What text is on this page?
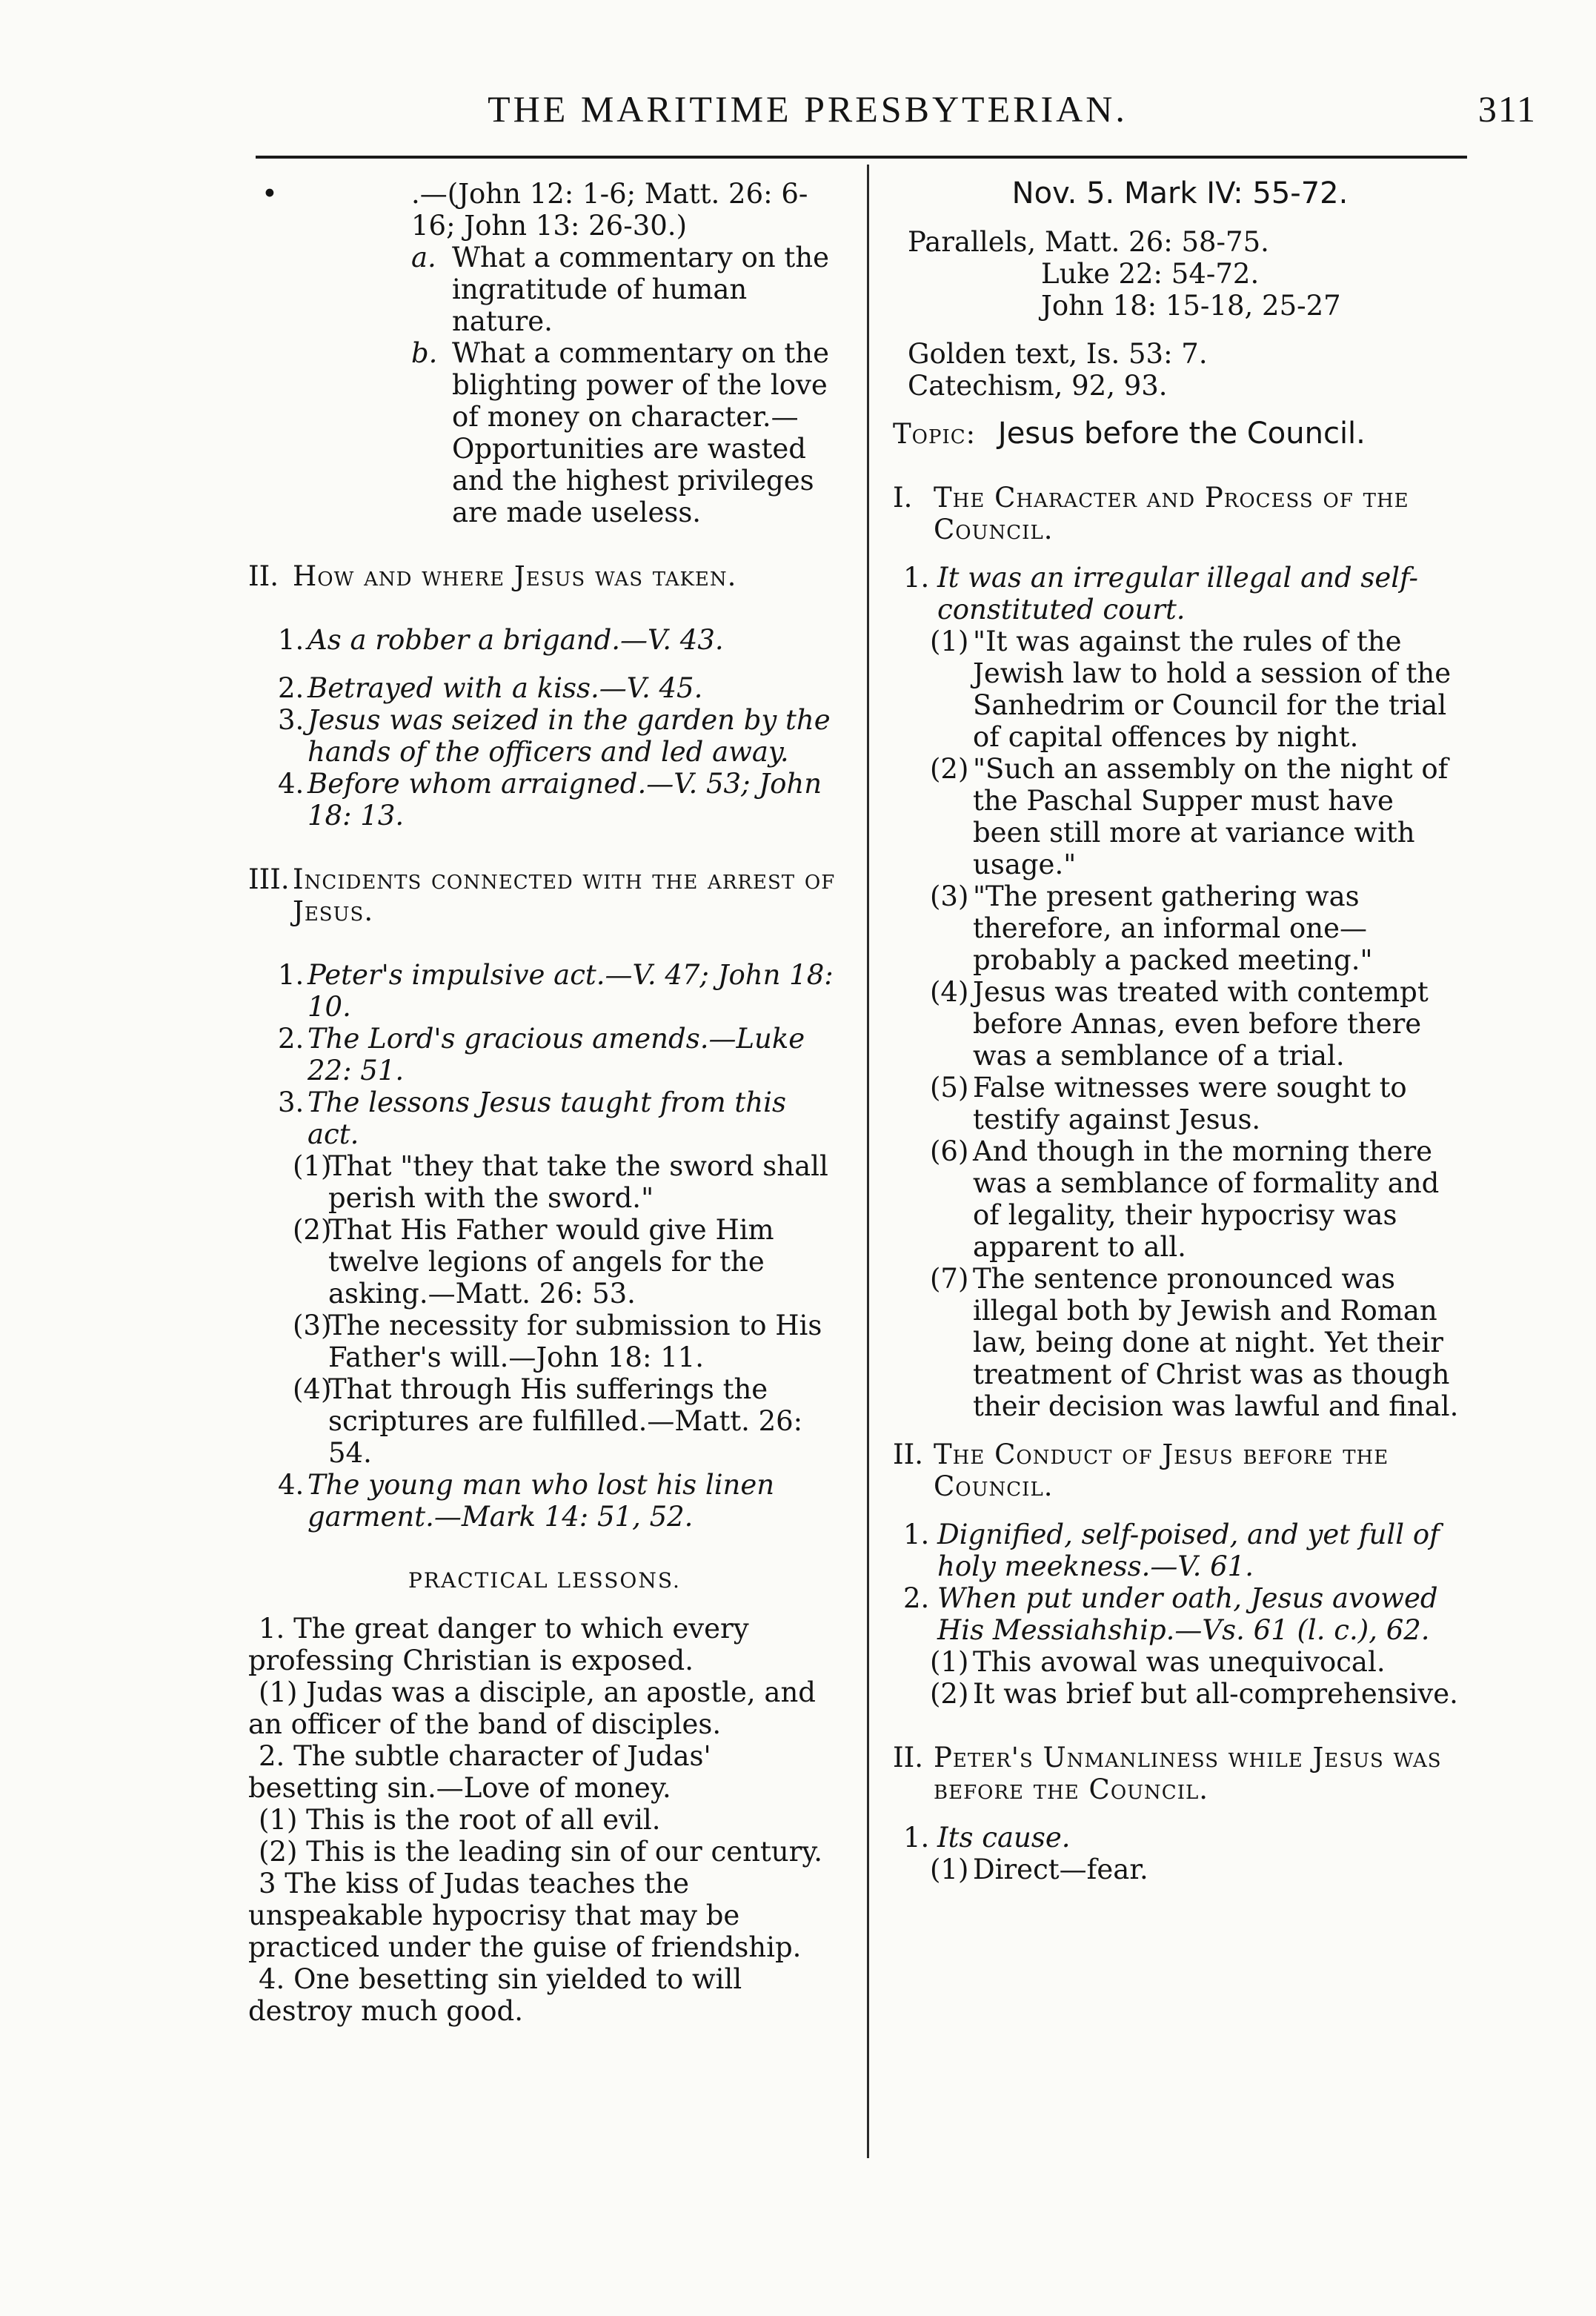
THE MARITIME PRESBYTERIAN.	311
•	.—(John 12: 1-6; Matt. 26: 6-16; John 13: 26-30.)

a. What a commentary on the ingratitude of human nature.

b. What a commentary on the blighting power of the love of money on character.—Opportunities are wasted and the highest privileges are made useless.

II. How and where Jesus was taken.

1. As a robber a brigand.—V. 43.

2. Betrayed with a kiss.—V. 45.

3. Jesus was seized in the garden by the hands of the officers and led away.

4. Before whom arraigned.—V. 53; John 18: 13.

III. Incidents connected with the arrest of Jesus.

1. Peter's impulsive act.—V. 47; John 18: 10.

2. The Lord's gracious amends.—Luke 22: 51.

3. The lessons Jesus taught from this act.

(1)

That "they that take the sword shall perish with the sword."

(2)

That His Father would give Him twelve legions of angels for the asking.—Matt. 26: 53.

(3)

The necessity for submission to His Father's will.—John 18: 11.

(4)

That through His sufferings the scriptures are fulfilled.—Matt. 26: 54.

4. The young man who lost his linen garment.—Mark 14: 51, 52.

PRACTICAL LESSONS.

1. The great danger to which every professing Christian is exposed.

(1) Judas was a disciple, an apostle, and an officer of the band of disciples.

2. The subtle character of Judas' besetting sin.—Love of money.

(1) This is the root of all evil.

(2) This is the leading sin of our century.

3 The kiss of Judas teaches the unspeakable hypocrisy that may be practiced under the guise of friendship.

4. One besetting sin yielded to will destroy much good.

Nov. 5. Mark IV: 55-72.

Parallels, Matt. 26: 58-75.

Luke 22: 54-72.

John 18: 15-18, 25-27

Golden text, Is. 53: 7.

Catechism, 92, 93.

Topic: Jesus before the Council.

I. The Character and Process of the Council.

1. It was an irregular illegal and self-constituted court.

(1) "It was against the rules of the Jewish law to hold a session of the Sanhedrim or Council for the trial of capital offences by night.

(2) "Such an assembly on the night of the Paschal Supper must have been still more at variance with usage."

(3) "The present gathering was therefore, an informal one—probably a packed meeting."

(4) Jesus was treated with contempt before Annas, even before there was a semblance of a trial.

(5) False witnesses were sought to testify against Jesus.

(6) And though in the morning there was a semblance of formality and of legality, their hypocrisy was apparent to all.

(7) The sentence pronounced was illegal both by Jewish and Roman law, being done at night. Yet their treatment of Christ was as though their decision was lawful and final.

II. The Conduct of Jesus before the Council.

1. Dignified, self-poised, and yet full of holy meekness.—V. 61.

2. When put under oath, Jesus avowed His Messiahship.—Vs. 61 (l. c.), 62.

(1) This avowal was unequivocal.

(2) It was brief but all-comprehensive.

II. Peter's Unmanliness while Jesus was before the Council.

1. Its cause.

(1) Direct—fear.
